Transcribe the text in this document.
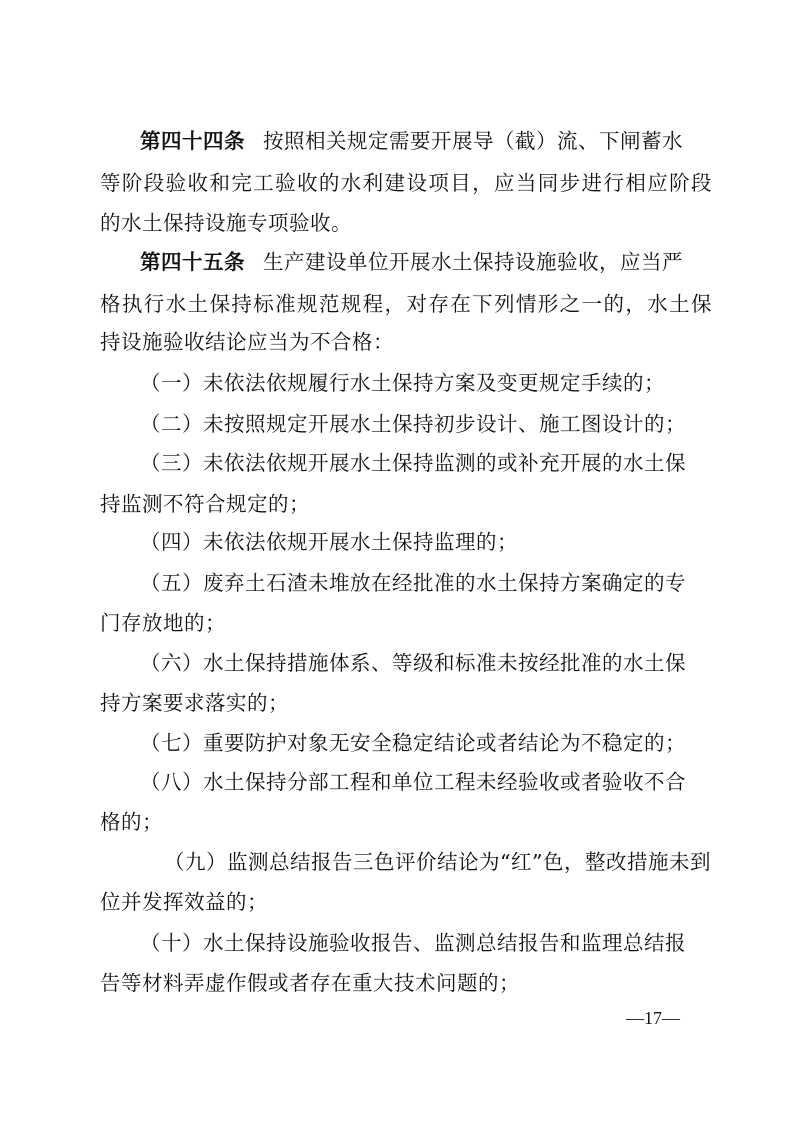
第四十四条 按照相关规定需要开展导（截）流、下闸蓄水
等阶段验收和完工验收的水利建设项目，应当同步进行相应阶段
的水土保持设施专项验收。
第四十五条 生产建设单位开展水土保持设施验收，应当严
格执行水土保持标准规范规程，对存在下列情形之一的，水土保
持设施验收结论应当为不合格：
（一）未依法依规履行水土保持方案及变更规定手续的；
（二）未按照规定开展水土保持初步设计、施工图设计的；
（三）未依法依规开展水土保持监测的或补充开展的水土保
持监测不符合规定的；
（四）未依法依规开展水土保持监理的；
（五）废弃土石渣未堆放在经批准的水土保持方案确定的专
门存放地的；
（六）水土保持措施体系、等级和标准未按经批准的水土保
持方案要求落实的；
（七）重要防护对象无安全稳定结论或者结论为不稳定的；
（八）水土保持分部工程和单位工程未经验收或者验收不合
格的；
（九）监测总结报告三色评价结论为“红”色，整改措施未到
位并发挥效益的；
（十）水土保持设施验收报告、监测总结报告和监理总结报
告等材料弄虚作假或者存在重大技术问题的；
—17—
